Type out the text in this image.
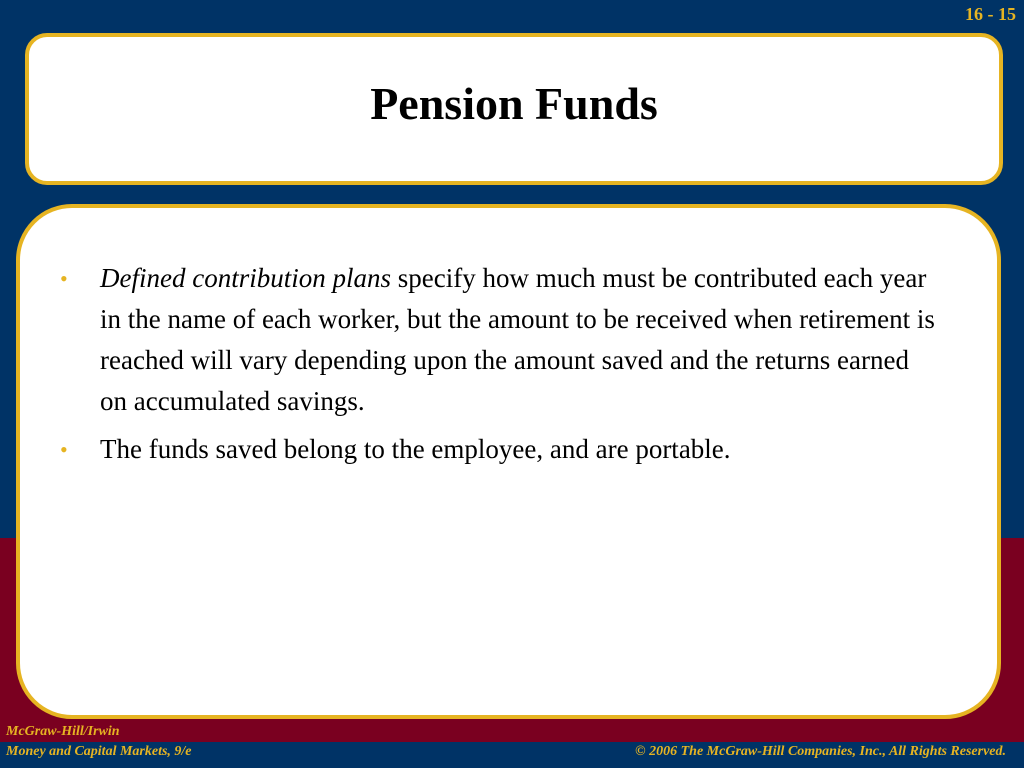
16 - 15
Pension Funds
• Defined contribution plans specify how much must be contributed each year in the name of each worker, but the amount to be received when retirement is reached will vary depending upon the amount saved and the returns earned on accumulated savings.
• The funds saved belong to the employee, and are portable.
McGraw-Hill/Irwin
Money and Capital Markets, 9/e	© 2006 The McGraw-Hill Companies, Inc., All Rights Reserved.
